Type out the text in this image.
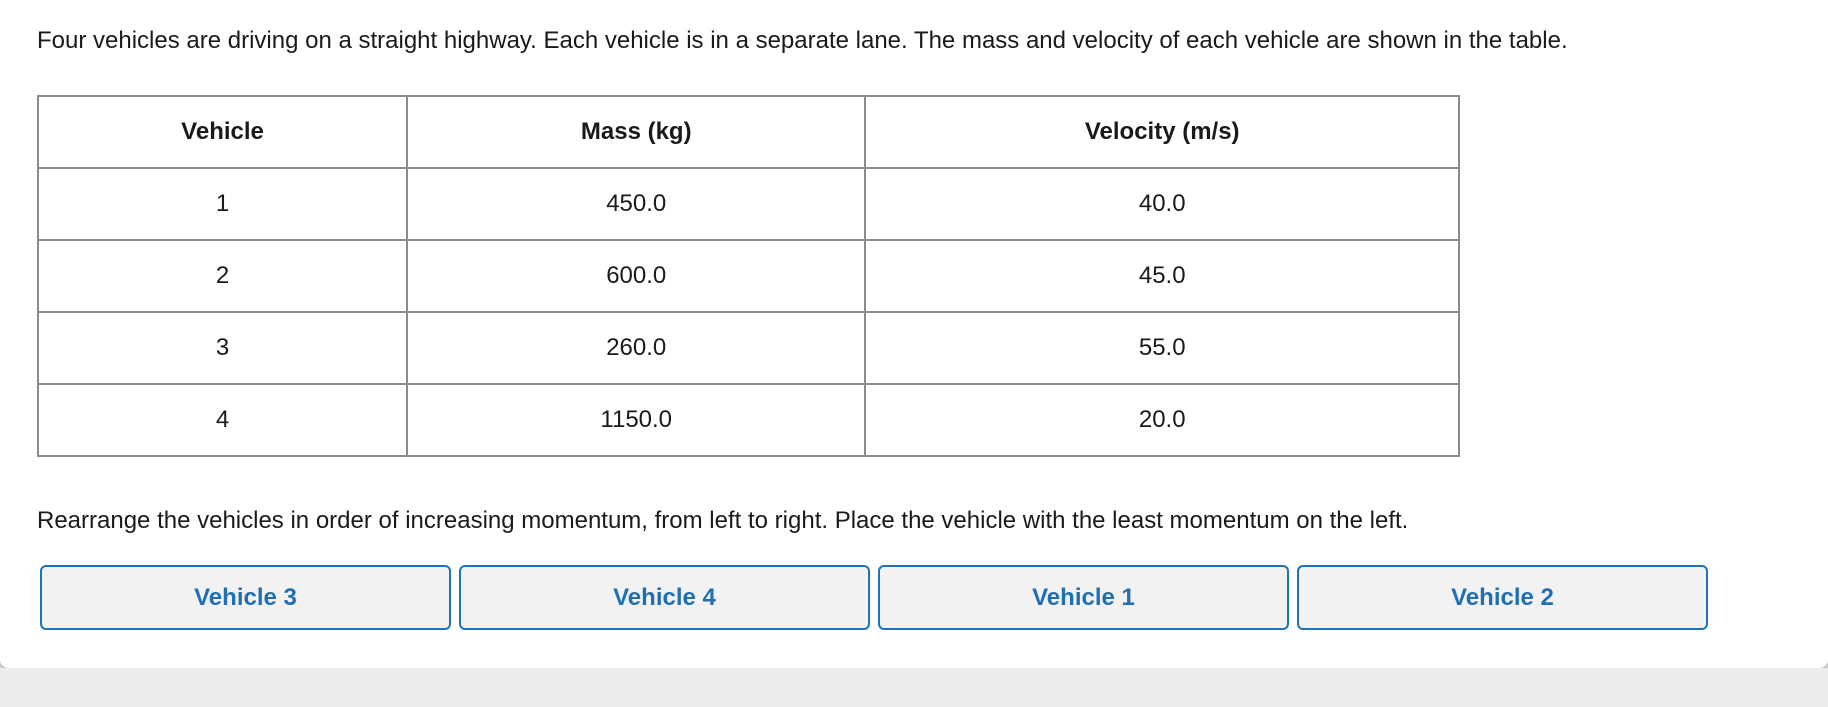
Four vehicles are driving on a straight highway. Each vehicle is in a separate lane. The mass and velocity of each vehicle are shown in the table.

Vehicle	Mass (kg)	Velocity (m/s)
1	450.0	40.0
2	600.0	45.0
3	260.0	55.0
4	1150.0	20.0

Rearrange the vehicles in order of increasing momentum, from left to right. Place the vehicle with the least momentum on the left.

Vehicle 3	Vehicle 4	Vehicle 1	Vehicle 2
